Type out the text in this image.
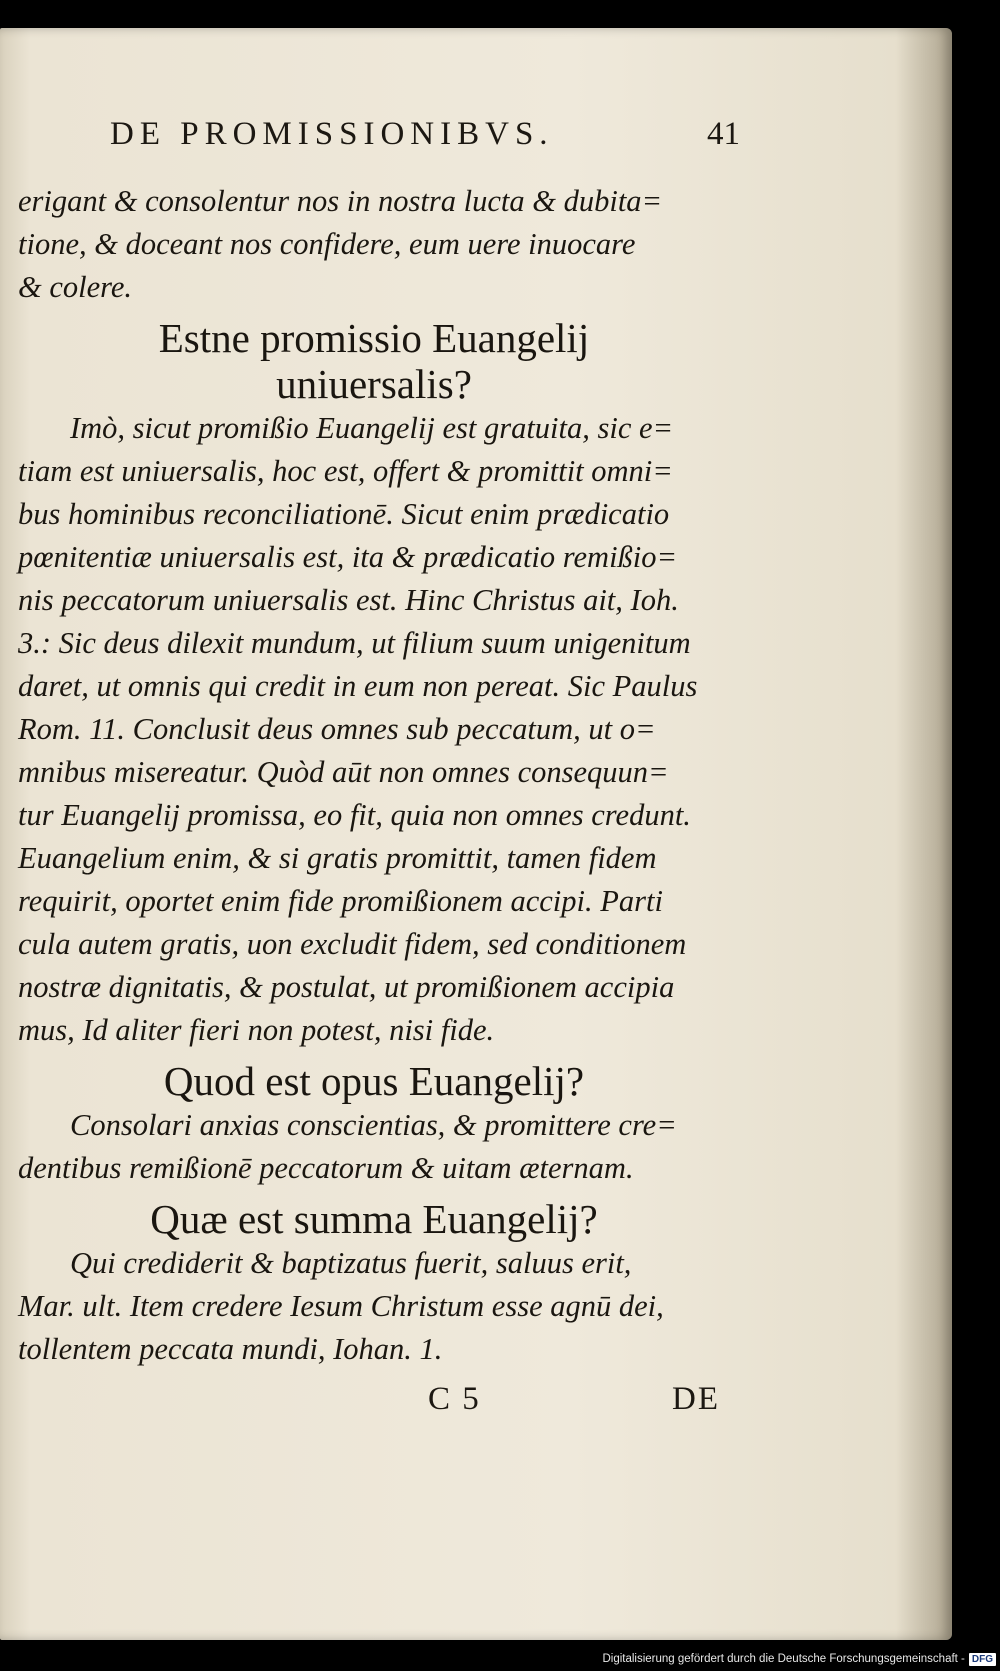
DE PROMISSIONIBVS.	41
erigant & consolentur nos in nostra lucta & dubita=
tione, & doceant nos confidere, eum uere inuocare
& colere.
Estne promissio Euangelij
uniuersalis?
Imò, sicut promißio Euangelij est gratuita, sic e=
tiam est uniuersalis, hoc est, offert & promittit omni=
bus hominibus reconciliationē. Sicut enim prædicatio
pœnitentiæ uniuersalis est, ita & prædicatio remißio=
nis peccatorum uniuersalis est. Hinc Christus ait, Ioh.
3.: Sic deus dilexit mundum, ut filium suum unigenitum
daret, ut omnis qui credit in eum non pereat. Sic Paulus
Rom. 11. Conclusit deus omnes sub peccatum, ut o=
mnibus misereatur. Quòd aūt non omnes consequun=
tur Euangelij promissa, eo fit, quia non omnes credunt.
Euangelium enim, & si gratis promittit, tamen fidem
requirit, oportet enim fide promißionem accipi. Parti
cula autem gratis, uon excludit fidem, sed conditionem
nostræ dignitatis, & postulat, ut promißionem accipia
mus, Id aliter fieri non potest, nisi fide.
Quod est opus Euangelij?
Consolari anxias conscientias, & promittere cre=
dentibus remißionē peccatorum & uitam æternam.
Quæ est summa Euangelij?
Qui crediderit & baptizatus fuerit, saluus erit,
Mar. ult. Item credere Iesum Christum esse agnū dei,
tollentem peccata mundi, Iohan. 1.
C 5	DE
Digitalisierung gefördert durch die Deutsche Forschungsgemeinschaft - DFG
